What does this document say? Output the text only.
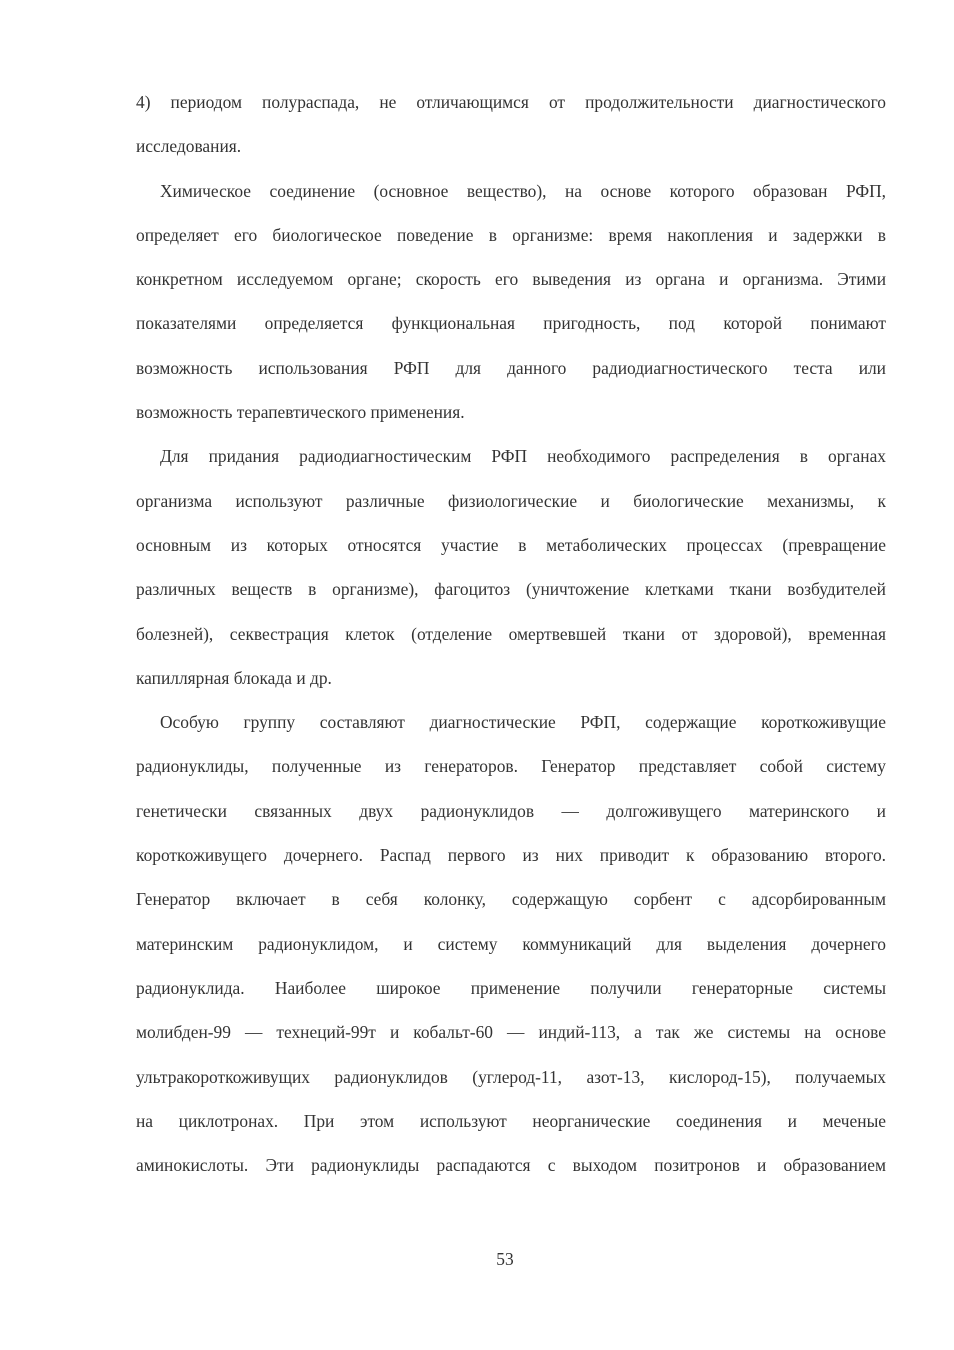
4) периодом полураспада, не отличающимся от продолжительности диагностического
исследования.
Химическое соединение (основное вещество), на основе которого образован РФП,
определяет его биологическое поведение в организме: время накопления и задержки в
конкретном исследуемом органе; скорость его выведения из органа и организма. Этими
показателями определяется функциональная пригодность, под которой понимают
возможность использования РФП для данного радиодиагностического теста или
возможность терапевтического применения.
Для придания радиодиагностическим РФП необходимого распределения в органах
организма используют различные физиологические и биологические механизмы, к
основным из которых относятся участие в метаболических процессах (превращение
различных веществ в организме), фагоцитоз (уничтожение клетками ткани возбудителей
болезней), секвестрация клеток (отделение омертвевшей ткани от здоровой), временная
капиллярная блокада и др.
Особую группу составляют диагностические РФП, содержащие короткоживущие
радионуклиды, полученные из генераторов. Генератор представляет собой систему
генетически связанных двух радионуклидов — долгоживущего материнского и
короткоживущего дочернего. Распад первого из них приводит к образованию второго.
Генератор включает в себя колонку, содержащую сорбент с адсорбированным
материнским радионуклидом, и систему коммуникаций для выделения дочернего
радионуклида. Наиболее широкое применение получили генераторные системы
молибден-99 — технеций-99т и кобальт-60 — индий-113, а так же системы на основе
ультракороткоживущих радионуклидов (углерод-11, азот-13, кислород-15), получаемых
на циклотронах. При этом используют неорганические соединения и меченые
аминокислоты. Эти радионуклиды распадаются с выходом позитронов и образованием
53
